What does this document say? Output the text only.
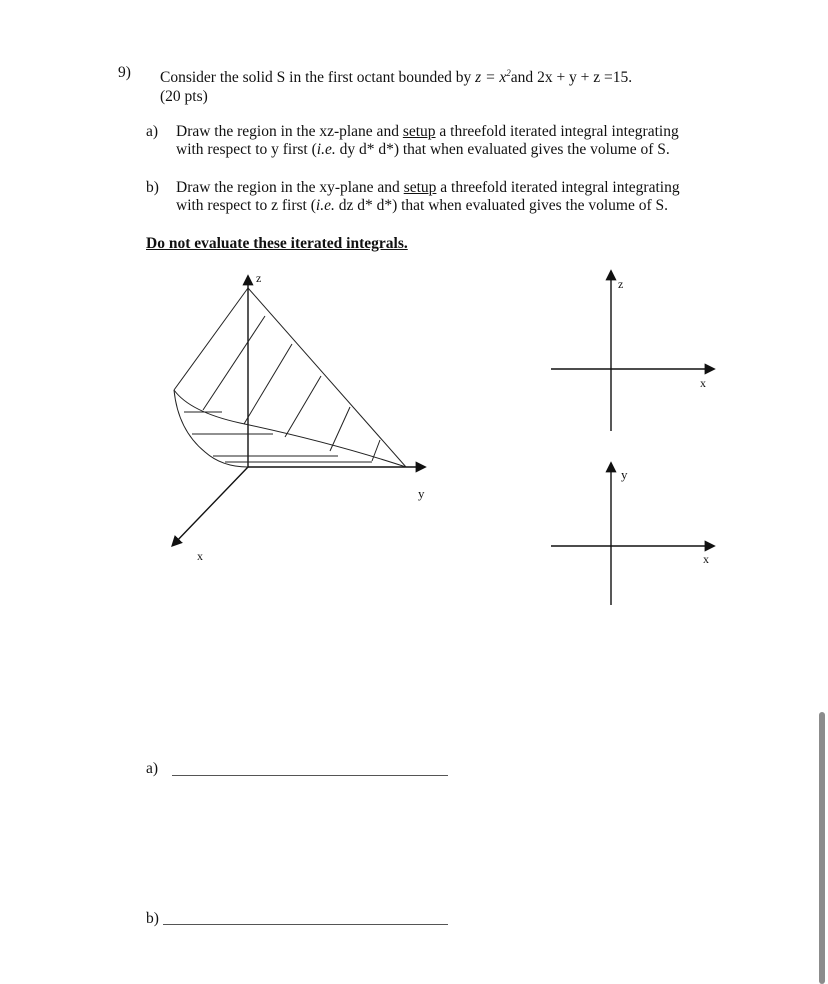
9) Consider the solid S in the first octant bounded by $z = x^2and$ 2x + y + z =15.
(20 pts)
a) Draw the region in the xz-plane and setup a threefold iterated integral integrating
with respect to y first (i.e. dy d* d*) that when evaluated gives the volume of S.
b) Draw the region in the xy-plane and setup a threefold iterated integral integrating
with respect to z first (i.e. dz d* d*) that when evaluated gives the volume of S.
Do not evaluate these iterated integrals.
z
y
x
z
x
y
x
a)
b)
